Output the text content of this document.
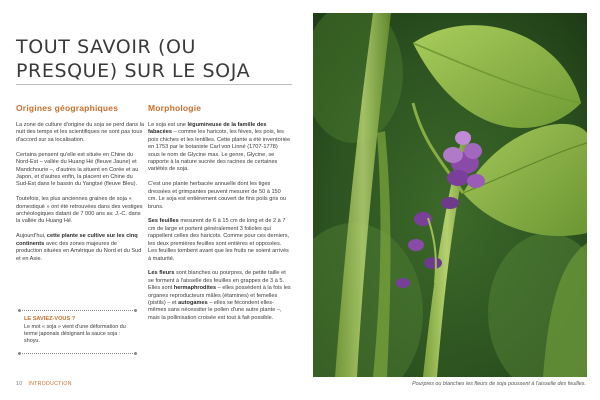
TOUT SAVOIR (OU PRESQUE) SUR LE SOJA
Origines géographiques	Morphologie

La zone de culture d'origine du soja se perd dans la nuit des temps et les scientifiques ne sont pas tous d'accord sur sa localisation.

Certains pensent qu'elle est située en Chine du Nord-Est – vallée du Huang Hé (fleuve Jaune) et Mandchourie –, d'autres la situent en Corée et au Japon, et d'autres enfin, la placent en Chine du Sud-Est dans le bassin du Yangtsé (fleuve Bleu).

Toutefois, les plus anciennes graines de soja « domestiqué » ont été retrouvées dans des vestiges archéologiques datant de 7 000 ans av. J.-C. dans la vallée du Huang Hé.

Aujourd'hui, cette plante se cultive sur les cinq continents avec des zones majeures de production situées en Amérique du Nord et du Sud et en Asie.

LE SAVIEZ-VOUS ?
Le mot « soja » vient d'une déformation du terme japonais désignant la sauce soja : shoyu.

Le soja est une légumineuse de la famille des fabacées – comme les haricots, les fèves, les pois, les pois chiches et les lentilles. Cette plante a été inventoriée en 1753 par le botaniste Carl von Linné (1707-1778) sous le nom de Glycine max. Le genre, Glycine, se rapporte à la nature sucrée des racines de certaines variétés de soja.

C'est une plante herbacée annuelle dont les tiges dressées et grimpantes peuvent mesurer de 50 à 150 cm. Le soja est entièrement couvert de fins poils gris ou bruns.

Ses feuilles mesurent de 6 à 15 cm de long et de 2 à 7 cm de large et portent généralement 3 folioles qui rappellent celles des haricots. Comme pour ces derniers, les deux premières feuilles sont entières et opposées. Les feuilles tombent avant que les fruits ne soient arrivés à maturité.

Les fleurs sont blanches ou pourpres, de petite taille et se forment à l'aisselle des feuilles en grappes de 3 à 5. Elles sont hermaphrodites – elles possèdent à la fois les organes reproducteurs mâles (étamines) et femelles (pistils) – et autogames – elles se fécondent elles-mêmes sans nécessiter le pollen d'une autre plante –, mais la pollinisation croisée est tout à fait possible.

10 INTRODUCTION	Pourpres ou blanches les fleurs de soja poussent à l'aisselle des feuilles.
